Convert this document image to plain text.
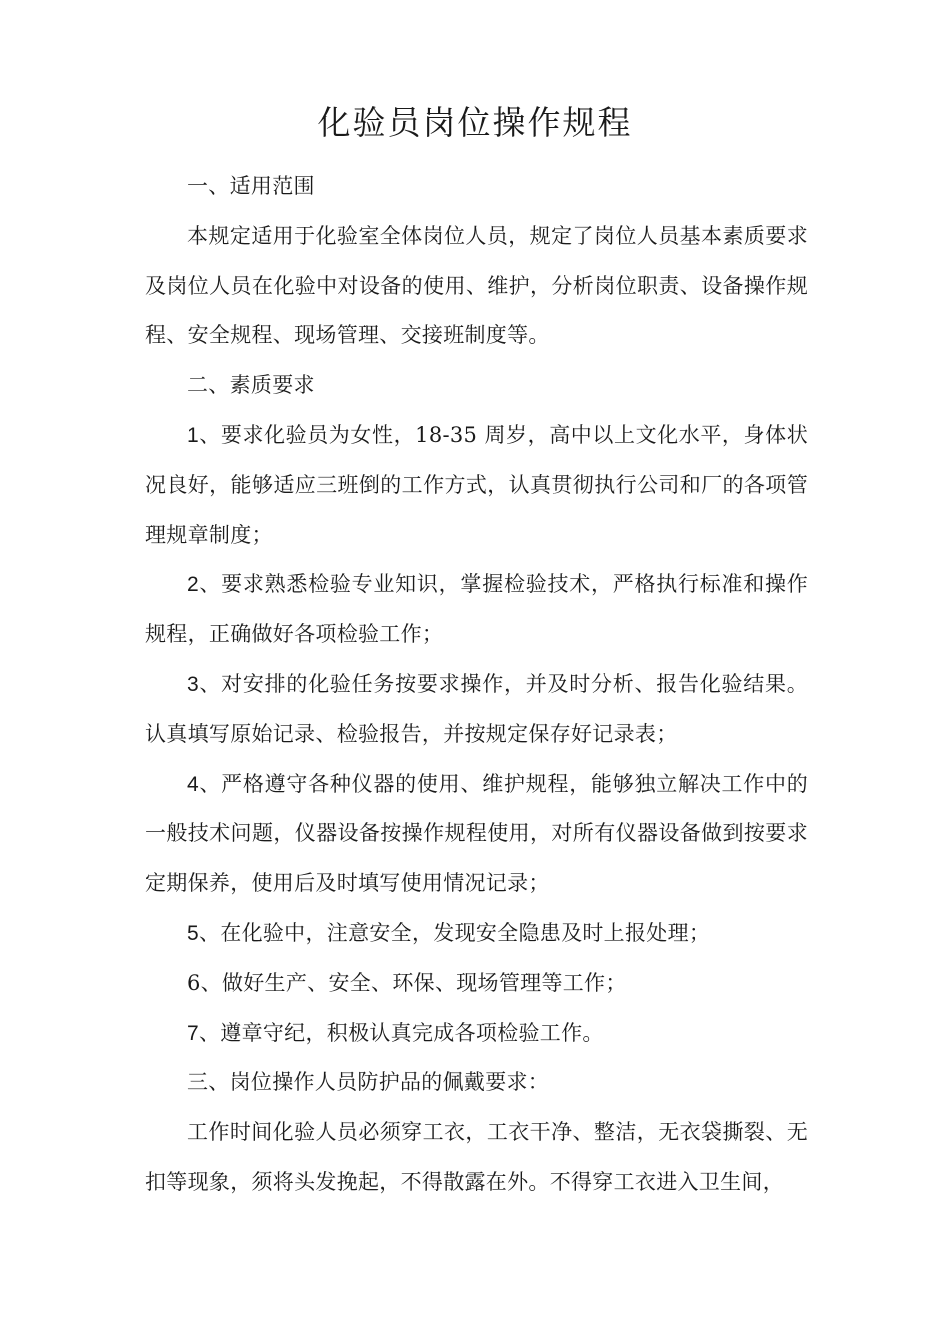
化验员岗位操作规程

一、适用范围

本规定适用于化验室全体岗位人员，规定了岗位人员基本素质要求及岗位人员在化验中对设备的使用、维护，分析岗位职责、设备操作规程、安全规程、现场管理、交接班制度等。

二、素质要求

1、要求化验员为女性，18-35 周岁，高中以上文化水平，身体状况良好，能够适应三班倒的工作方式，认真贯彻执行公司和厂的各项管理规章制度；

2、要求熟悉检验专业知识，掌握检验技术，严格执行标准和操作规程，正确做好各项检验工作；

3、对安排的化验任务按要求操作，并及时分析、报告化验结果。认真填写原始记录、检验报告，并按规定保存好记录表；

4、严格遵守各种仪器的使用、维护规程，能够独立解决工作中的一般技术问题，仪器设备按操作规程使用，对所有仪器设备做到按要求定期保养，使用后及时填写使用情况记录；

5、在化验中，注意安全，发现安全隐患及时上报处理；

6、做好生产、安全、环保、现场管理等工作；

7、遵章守纪，积极认真完成各项检验工作。

三、岗位操作人员防护品的佩戴要求：

工作时间化验人员必须穿工衣，工衣干净、整洁，无衣袋撕裂、无扣等现象，须将头发挽起，不得散露在外。不得穿工衣进入卫生间，
